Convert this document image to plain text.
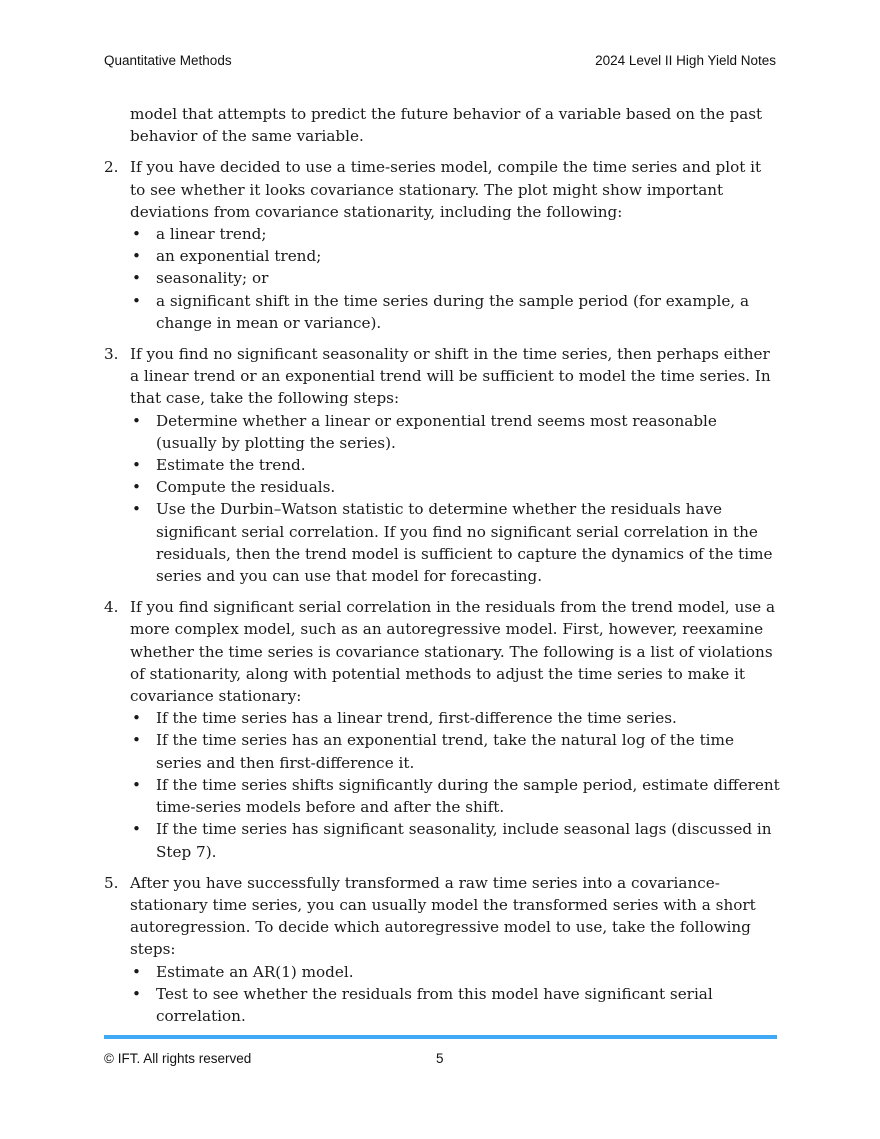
Quantitative Methods	2024 Level II High Yield Notes

model that attempts to predict the future behavior of a variable based on the past behavior of the same variable.

2. If you have decided to use a time-series model, compile the time series and plot it to see whether it looks covariance stationary. The plot might show important deviations from covariance stationarity, including the following:
• a linear trend;
• an exponential trend;
• seasonality; or
• a significant shift in the time series during the sample period (for example, a change in mean or variance).
3. If you find no significant seasonality or shift in the time series, then perhaps either a linear trend or an exponential trend will be sufficient to model the time series. In that case, take the following steps:
• Determine whether a linear or exponential trend seems most reasonable (usually by plotting the series).
• Estimate the trend.
• Compute the residuals.
• Use the Durbin–Watson statistic to determine whether the residuals have significant serial correlation. If you find no significant serial correlation in the residuals, then the trend model is sufficient to capture the dynamics of the time series and you can use that model for forecasting.
4. If you find significant serial correlation in the residuals from the trend model, use a more complex model, such as an autoregressive model. First, however, reexamine whether the time series is covariance stationary. The following is a list of violations of stationarity, along with potential methods to adjust the time series to make it covariance stationary:
• If the time series has a linear trend, first-difference the time series.
• If the time series has an exponential trend, take the natural log of the time series and then first-difference it.
• If the time series shifts significantly during the sample period, estimate different time-series models before and after the shift.
• If the time series has significant seasonality, include seasonal lags (discussed in Step 7).
5. After you have successfully transformed a raw time series into a covariance-stationary time series, you can usually model the transformed series with a short autoregression. To decide which autoregressive model to use, take the following steps:
• Estimate an AR(1) model.
• Test to see whether the residuals from this model have significant serial correlation.
© IFT. All rights reserved	5
